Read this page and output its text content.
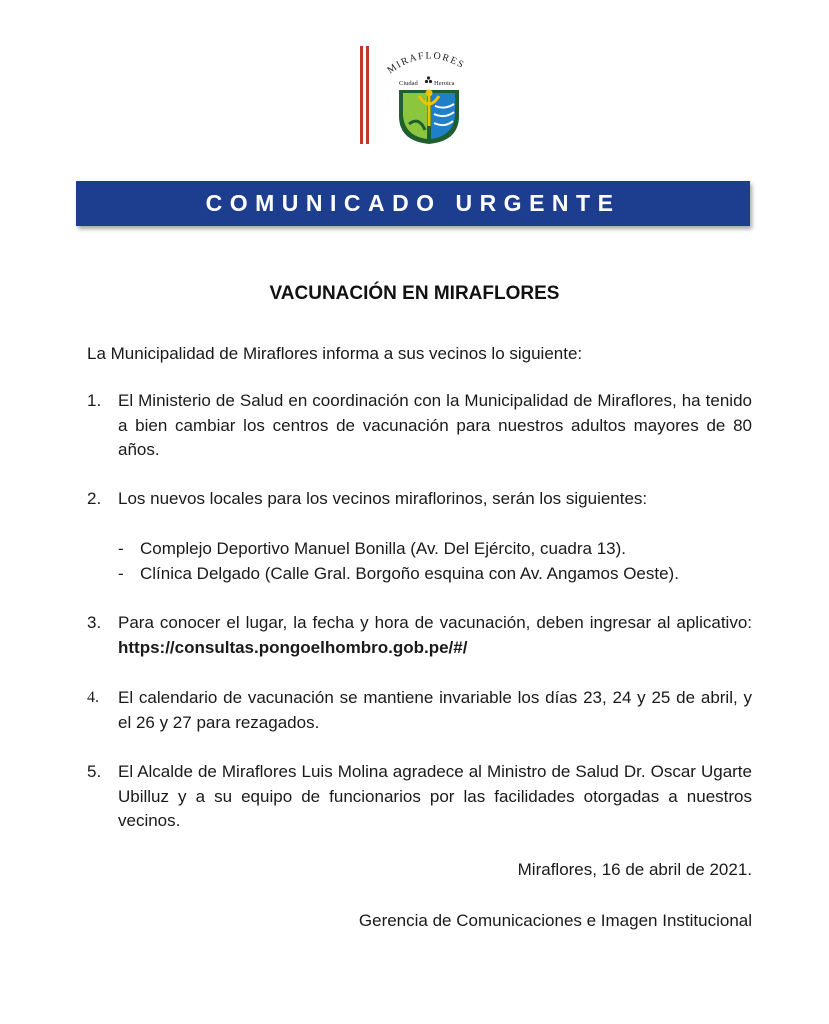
MIRAFLORES
Ciudad Heroica
COMUNICADO URGENTE
VACUNACIÓN EN MIRAFLORES
La Municipalidad de Miraflores informa a sus vecinos lo siguiente:
1. El Ministerio de Salud en coordinación con la Municipalidad de Miraflores, ha tenido a bien cambiar los centros de vacunación para nuestros adultos mayores de 80 años.
2. Los nuevos locales para los vecinos miraflorinos, serán los siguientes:
- Complejo Deportivo Manuel Bonilla (Av. Del Ejército, cuadra 13).
- Clínica Delgado (Calle Gral. Borgoño esquina con Av. Angamos Oeste).
3. Para conocer el lugar, la fecha y hora de vacunación, deben ingresar al aplicativo: https://consultas.pongoelhombro.gob.pe/#/
4. El calendario de vacunación se mantiene invariable los días 23, 24 y 25 de abril, y el 26 y 27 para rezagados.
5. El Alcalde de Miraflores Luis Molina agradece al Ministro de Salud Dr. Oscar Ugarte Ubilluz y a su equipo de funcionarios por las facilidades otorgadas a nuestros vecinos.
Miraflores, 16 de abril de 2021.
Gerencia de Comunicaciones e Imagen Institucional
